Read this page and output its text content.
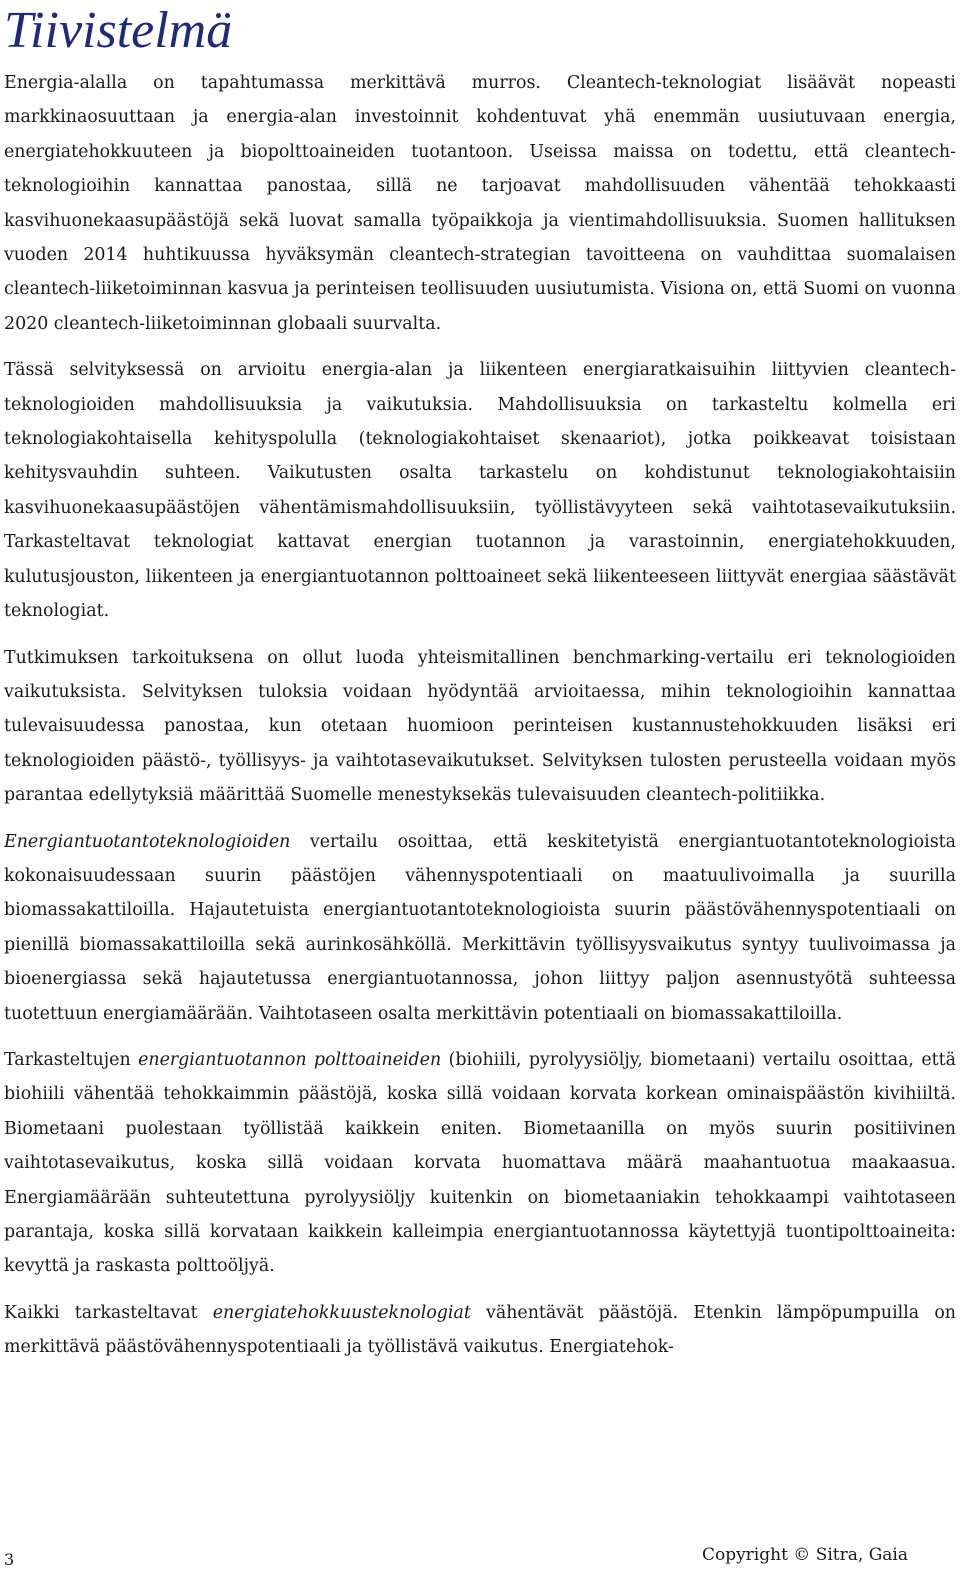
Tiivistelmä

Energia-alalla on tapahtumassa merkittävä murros. Cleantech-teknologiat lisäävät nopeasti markkinaosuuttaan ja energia-alan investoinnit kohdentuvat yhä enemmän uusiutuvaan energia, energiatehokkuuteen ja biopolttoaineiden tuotantoon. Useissa maissa on todettu, että cleantech-teknologioihin kannattaa panostaa, sillä ne tarjoavat mahdollisuuden vähentää tehokkaasti kasvihuonekaasupäästöjä sekä luovat samalla työpaikkoja ja vientimahdollisuuksia. Suomen hallituksen vuoden 2014 huhtikuussa hyväksymän cleantech-strategian tavoitteena on vauhdittaa suomalaisen cleantech-liiketoiminnan kasvua ja perinteisen teollisuuden uusiutumista. Visiona on, että Suomi on vuonna 2020 cleantech-liiketoiminnan globaali suurvalta.

Tässä selvityksessä on arvioitu energia-alan ja liikenteen energiaratkaisuihin liittyvien cleantech-teknologioiden mahdollisuuksia ja vaikutuksia. Mahdollisuuksia on tarkasteltu kolmella eri teknologiakohtaisella kehityspolulla (teknologiakohtaiset skenaariot), jotka poikkeavat toisistaan kehitysvauhdin suhteen. Vaikutusten osalta tarkastelu on kohdistunut teknologiakohtaisiin kasvihuonekaasupäästöjen vähentämismahdollisuuksiin, työllistävyyteen sekä vaihtotasevaikutuksiin. Tarkasteltavat teknologiat kattavat energian tuotannon ja varastoinnin, energiatehokkuuden, kulutusjouston, liikenteen ja energiantuotannon polttoaineet sekä liikenteeseen liittyvät energiaa säästävät teknologiat.

Tutkimuksen tarkoituksena on ollut luoda yhteismitallinen benchmarking-vertailu eri teknologioiden vaikutuksista. Selvityksen tuloksia voidaan hyödyntää arvioitaessa, mihin teknologioihin kannattaa tulevaisuudessa panostaa, kun otetaan huomioon perinteisen kustannustehokkuuden lisäksi eri teknologioiden päästö-, työllisyys- ja vaihtotasevaikutukset. Selvityksen tulosten perusteella voidaan myös parantaa edellytyksiä määrittää Suomelle menestyksekäs tulevaisuuden cleantech-politiikka.

Energiantuotantoteknologioiden vertailu osoittaa, että keskitetyistä energiantuotantoteknologioista kokonaisuudessaan suurin päästöjen vähennyspotentiaali on maatuulivoimalla ja suurilla biomassakattiloilla. Hajautetuista energiantuotantoteknologioista suurin päästövähennyspotentiaali on pienillä biomassakattiloilla sekä aurinkosähköllä. Merkittävin työllisyysvaikutus syntyy tuulivoimassa ja bioenergiassa sekä hajautetussa energiantuotannossa, johon liittyy paljon asennustyötä suhteessa tuotettuun energiamäärään. Vaihtotaseen osalta merkittävin potentiaali on biomassakattiloilla.

Tarkasteltujen energiantuotannon polttoaineiden (biohiili, pyrolyysiöljy, biometaani) vertailu osoittaa, että biohiili vähentää tehokkaimmin päästöjä, koska sillä voidaan korvata korkean ominaispäästön kivihiiltä. Biometaani puolestaan työllistää kaikkein eniten. Biometaanilla on myös suurin positiivinen vaihtotasevaikutus, koska sillä voidaan korvata huomattava määrä maahantuotua maakaasua. Energiamäärään suhteutettuna pyrolyysiöljy kuitenkin on biometaaniakin tehokkaampi vaihtotaseen parantaja, koska sillä korvataan kaikkein kalleimpia energiantuotannossa käytettyjä tuontipolttoaineita: kevyttä ja raskasta polttoöljyä.

Kaikki tarkasteltavat energiatehokkuusteknologiat vähentävät päästöjä. Etenkin lämpöpumpuilla on merkittävä päästövähennyspotentiaali ja työllistävä vaikutus. Energiatehok-

3	Copyright © Sitra, Gaia
